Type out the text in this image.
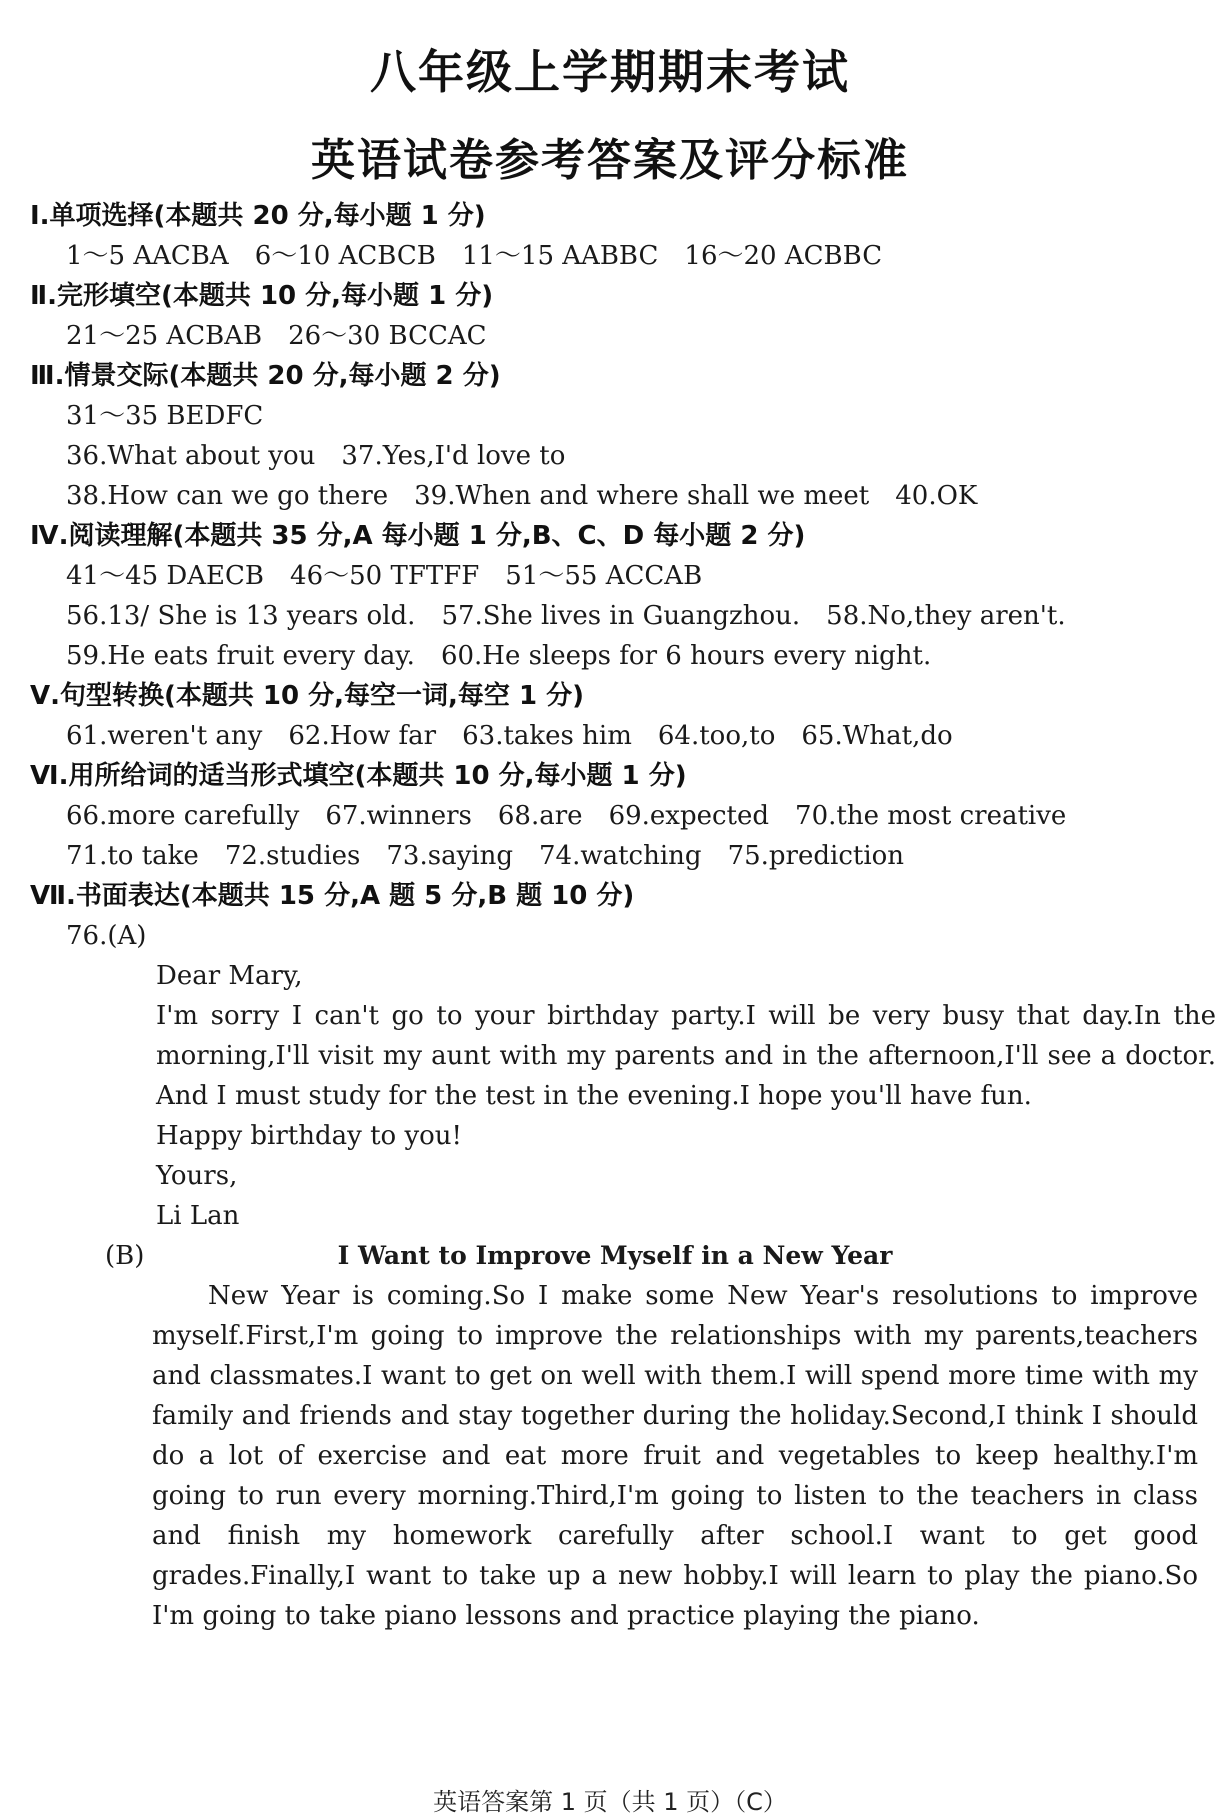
八年级上学期期末考试
英语试卷参考答案及评分标准
Ⅰ.单项选择(本题共 20 分,每小题 1 分)
1～5 AACBA 6～10 ACBCB 11～15 AABBC 16～20 ACBBC
Ⅱ.完形填空(本题共 10 分,每小题 1 分)
21～25 ACBAB 26～30 BCCAC
Ⅲ.情景交际(本题共 20 分,每小题 2 分)
31～35 BEDFC
36.What about you 37.Yes,I'd love to
38.How can we go there 39.When and where shall we meet 40.OK
Ⅳ.阅读理解(本题共 35 分,A 每小题 1 分,B、C、D 每小题 2 分)
41～45 DAECB 46～50 TFTFF 51～55 ACCAB
56.13/ She is 13 years old. 57.She lives in Guangzhou. 58.No,they aren't.
59.He eats fruit every day. 60.He sleeps for 6 hours every night.
Ⅴ.句型转换(本题共 10 分,每空一词,每空 1 分)
61.weren't any 62.How far 63.takes him 64.too,to 65.What,do
Ⅵ.用所给词的适当形式填空(本题共 10 分,每小题 1 分)
66.more carefully 67.winners 68.are 69.expected 70.the most creative
71.to take 72.studies 73.saying 74.watching 75.prediction
Ⅶ.书面表达(本题共 15 分,A 题 5 分,B 题 10 分)
76.(A)
Dear Mary,
I'm sorry I can't go to your birthday party.I will be very busy that day.In the morning,I'll visit my aunt with my parents and in the afternoon,I'll see a doctor. And I must study for the test in the evening.I hope you'll have fun.
Happy birthday to you!
Yours,
Li Lan
(B)	I Want to Improve Myself in a New Year
New Year is coming.So I make some New Year's resolutions to improve myself.First,I'm going to improve the relationships with my parents,teachers and classmates.I want to get on well with them.I will spend more time with my family and friends and stay together during the holiday.Second,I think I should do a lot of exercise and eat more fruit and vegetables to keep healthy.I'm going to run every morning.Third,I'm going to listen to the teachers in class and finish my homework carefully after school.I want to get good grades.Finally,I want to take up a new hobby.I will learn to play the piano.So I'm going to take piano lessons and practice playing the piano.
英语答案第 1 页（共 1 页）（C）
